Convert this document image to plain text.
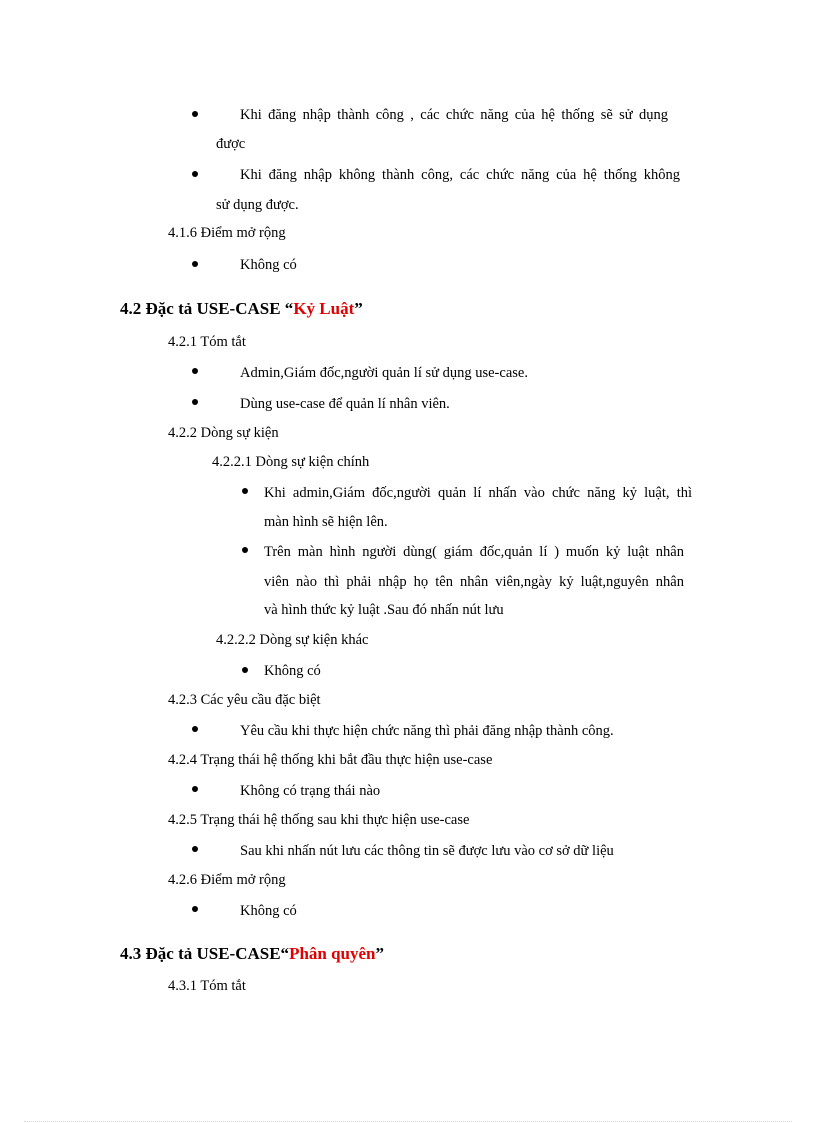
Khi đăng nhập thành công , các chức năng của hệ thống sẽ sử dụng
được
Khi đăng nhập không thành công, các chức năng của hệ thống không
sử dụng được.
4.1.6 Điểm mở rộng
Không có
4.2 Đặc tả USE-CASE “Kỷ Luật”
4.2.1 Tóm tắt
Admin,Giám đốc,người quản lí sử dụng use-case.
Dùng use-case để quản lí nhân viên.
4.2.2 Dòng sự kiện
4.2.2.1 Dòng sự kiện chính
Khi admin,Giám đốc,người quản lí nhấn vào chức năng kỷ luật, thì
màn hình sẽ hiện lên.
Trên màn hình người dùng( giám đốc,quản lí ) muốn kỷ luật nhân
viên nào thì phải nhập họ tên nhân viên,ngày kỷ luật,nguyên nhân
và hình thức kỷ luật .Sau đó nhấn nút lưu
4.2.2.2 Dòng sự kiện khác
Không có
4.2.3 Các yêu cầu đặc biệt
Yêu cầu khi thực hiện chức năng thì phải đăng nhập thành công.
4.2.4 Trạng thái hệ thống khi bắt đầu thực hiện use-case
Không có trạng thái nào
4.2.5 Trạng thái hệ thống sau khi thực hiện use-case
Sau khi nhấn nút lưu các thông tin sẽ được lưu vào cơ sở dữ liệu
4.2.6 Điểm mở rộng
Không có
4.3 Đặc tả USE-CASE“Phân quyên”
4.3.1 Tóm tắt
